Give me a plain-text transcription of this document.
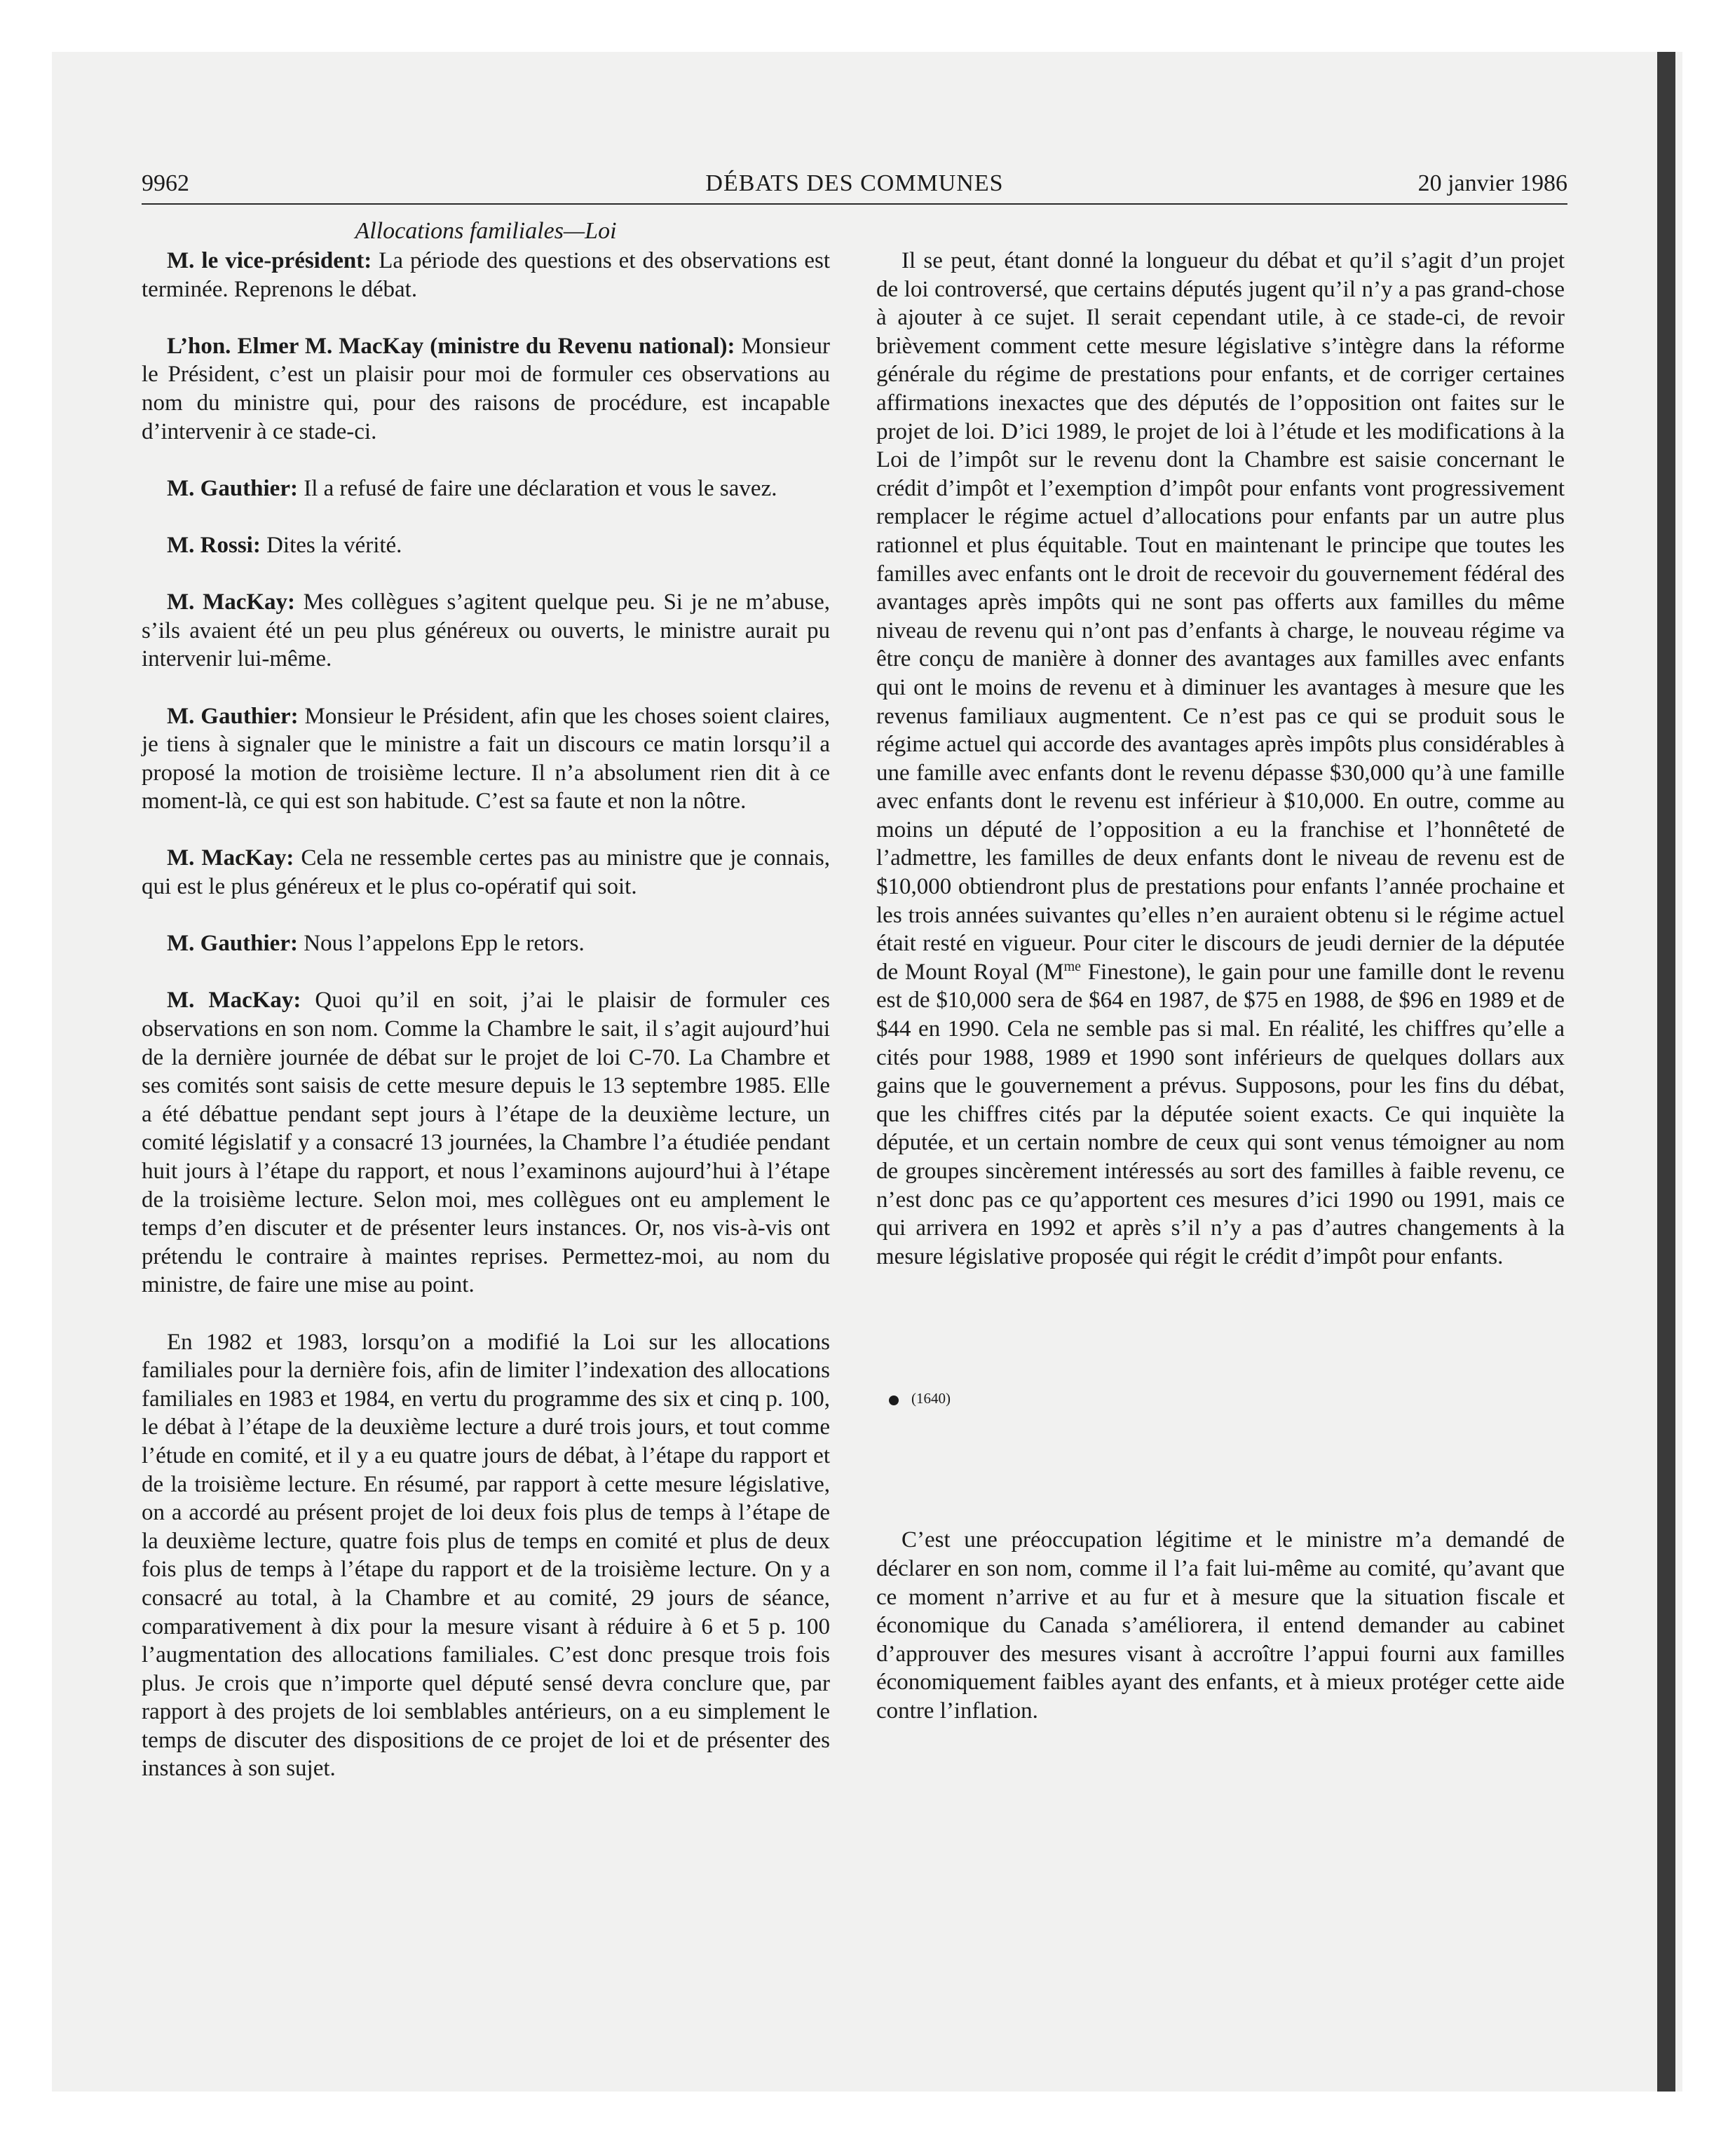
9962	DÉBATS DES COMMUNES	20 janvier 1986
Allocations familiales—Loi

M. le vice-président: La période des questions et des observations est terminée. Reprenons le débat.

L’hon. Elmer M. MacKay (ministre du Revenu national): Monsieur le Président, c’est un plaisir pour moi de formuler ces observations au nom du ministre qui, pour des raisons de procédure, est incapable d’intervenir à ce stade-ci.

M. Gauthier: Il a refusé de faire une déclaration et vous le savez.

M. Rossi: Dites la vérité.

M. MacKay: Mes collègues s’agitent quelque peu. Si je ne m’abuse, s’ils avaient été un peu plus généreux ou ouverts, le ministre aurait pu intervenir lui-même.

M. Gauthier: Monsieur le Président, afin que les choses soient claires, je tiens à signaler que le ministre a fait un discours ce matin lorsqu’il a proposé la motion de troisième lecture. Il n’a absolument rien dit à ce moment-là, ce qui est son habitude. C’est sa faute et non la nôtre.

M. MacKay: Cela ne ressemble certes pas au ministre que je connais, qui est le plus généreux et le plus co-opératif qui soit.

M. Gauthier: Nous l’appelons Epp le retors.

M. MacKay: Quoi qu’il en soit, j’ai le plaisir de formuler ces observations en son nom. Comme la Chambre le sait, il s’agit aujourd’hui de la dernière journée de débat sur le projet de loi C-70. La Chambre et ses comités sont saisis de cette mesure depuis le 13 septembre 1985. Elle a été débattue pendant sept jours à l’étape de la deuxième lecture, un comité législatif y a consacré 13 journées, la Chambre l’a étudiée pendant huit jours à l’étape du rapport, et nous l’examinons aujourd’hui à l’étape de la troisième lecture. Selon moi, mes collègues ont eu amplement le temps d’en discuter et de présenter leurs instances. Or, nos vis-à-vis ont prétendu le contraire à maintes reprises. Permettez-moi, au nom du ministre, de faire une mise au point.

En 1982 et 1983, lorsqu’on a modifié la Loi sur les allocations familiales pour la dernière fois, afin de limiter l’indexation des allocations familiales en 1983 et 1984, en vertu du programme des six et cinq p. 100, le débat à l’étape de la deuxième lecture a duré trois jours, et tout comme l’étude en comité, et il y a eu quatre jours de débat, à l’étape du rapport et de la troisième lecture. En résumé, par rapport à cette mesure législative, on a accordé au présent projet de loi deux fois plus de temps à l’étape de la deuxième lecture, quatre fois plus de temps en comité et plus de deux fois plus de temps à l’étape du rapport et de la troisième lecture. On y a consacré au total, à la Chambre et au comité, 29 jours de séance, comparativement à dix pour la mesure visant à réduire à 6 et 5 p. 100 l’augmentation des allocations familiales. C’est donc presque trois fois plus. Je crois que n’importe quel député sensé devra conclure que, par rapport à des projets de loi semblables antérieurs, on a eu simplement le temps de discuter des dispositions de ce projet de loi et de présenter des instances à son sujet.

Il se peut, étant donné la longueur du débat et qu’il s’agit d’un projet de loi controversé, que certains députés jugent qu’il n’y a pas grand-chose à ajouter à ce sujet. Il serait cependant utile, à ce stade-ci, de revoir brièvement comment cette mesure législative s’intègre dans la réforme générale du régime de prestations pour enfants, et de corriger certaines affirmations inexactes que des députés de l’opposition ont faites sur le projet de loi. D’ici 1989, le projet de loi à l’étude et les modifications à la Loi de l’impôt sur le revenu dont la Chambre est saisie concernant le crédit d’impôt et l’exemption d’impôt pour enfants vont progressivement remplacer le régime actuel d’allocations pour enfants par un autre plus rationnel et plus équitable. Tout en maintenant le principe que toutes les familles avec enfants ont le droit de recevoir du gouvernement fédéral des avantages après impôts qui ne sont pas offerts aux familles du même niveau de revenu qui n’ont pas d’enfants à charge, le nouveau régime va être conçu de manière à donner des avantages aux familles avec enfants qui ont le moins de revenu et à diminuer les avantages à mesure que les revenus familiaux augmentent. Ce n’est pas ce qui se produit sous le régime actuel qui accorde des avantages après impôts plus considérables à une famille avec enfants dont le revenu dépasse $30,000 qu’à une famille avec enfants dont le revenu est inférieur à $10,000. En outre, comme au moins un député de l’opposition a eu la franchise et l’honnêteté de l’admettre, les familles de deux enfants dont le niveau de revenu est de $10,000 obtiendront plus de prestations pour enfants l’année prochaine et les trois années suivantes qu’elles n’en auraient obtenu si le régime actuel était resté en vigueur. Pour citer le discours de jeudi dernier de la députée de Mount Royal ($M^{me}$ Finestone), le gain pour une famille dont le revenu est de $10,000 sera de $64 en 1987, de $75 en 1988, de $96 en 1989 et de $44 en 1990. Cela ne semble pas si mal. En réalité, les chiffres qu’elle a cités pour 1988, 1989 et 1990 sont inférieurs de quelques dollars aux gains que le gouvernement a prévus. Supposons, pour les fins du débat, que les chiffres cités par la députée soient exacts. Ce qui inquiète la députée, et un certain nombre de ceux qui sont venus témoigner au nom de groupes sincèrement intéressés au sort des familles à faible revenu, ce n’est donc pas ce qu’apportent ces mesures d’ici 1990 ou 1991, mais ce qui arrivera en 1992 et après s’il n’y a pas d’autres changements à la mesure législative proposée qui régit le crédit d’impôt pour enfants.

(1640)

C’est une préoccupation légitime et le ministre m’a demandé de déclarer en son nom, comme il l’a fait lui-même au comité, qu’avant que ce moment n’arrive et au fur et à mesure que la situation fiscale et économique du Canada s’améliorera, il entend demander au cabinet d’approuver des mesures visant à accroître l’appui fourni aux familles économiquement faibles ayant des enfants, et à mieux protéger cette aide contre l’inflation.
